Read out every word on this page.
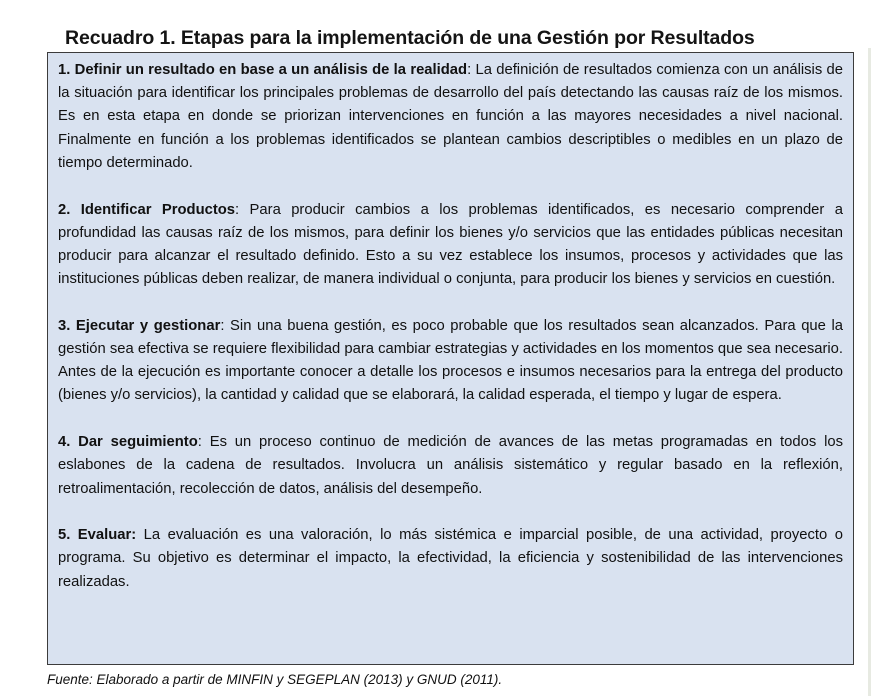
Recuadro 1. Etapas para la implementación de una Gestión por Resultados

1. Definir un resultado en base a un análisis de la realidad: La definición de resultados comienza con un análisis de la situación para identificar los principales problemas de desarrollo del país detectando las causas raíz de los mismos. Es en esta etapa en donde se priorizan intervenciones en función a las mayores necesidades a nivel nacional. Finalmente en función a los problemas identificados se plantean cambios descriptibles o medibles en un plazo de tiempo determinado.

2. Identificar Productos: Para producir cambios a los problemas identificados, es necesario comprender a profundidad las causas raíz de los mismos, para definir los bienes y/o servicios que las entidades públicas necesitan producir para alcanzar el resultado definido. Esto a su vez establece los insumos, procesos y actividades que las instituciones públicas deben realizar, de manera individual o conjunta, para producir los bienes y servicios en cuestión.

3. Ejecutar y gestionar: Sin una buena gestión, es poco probable que los resultados sean alcanzados. Para que la gestión sea efectiva se requiere flexibilidad para cambiar estrategias y actividades en los momentos que sea necesario. Antes de la ejecución es importante conocer a detalle los procesos e insumos necesarios para la entrega del producto (bienes y/o servicios), la cantidad y calidad que se elaborará, la calidad esperada, el tiempo y lugar de espera.

4. Dar seguimiento: Es un proceso continuo de medición de avances de las metas programadas en todos los eslabones de la cadena de resultados. Involucra un análisis sistemático y regular basado en la reflexión, retroalimentación, recolección de datos, análisis del desempeño.

5. Evaluar: La evaluación es una valoración, lo más sistémica e imparcial posible, de una actividad, proyecto o programa. Su objetivo es determinar el impacto, la efectividad, la eficiencia y sostenibilidad de las intervenciones realizadas.

Fuente: Elaborado a partir de MINFIN y SEGEPLAN (2013) y GNUD (2011).
